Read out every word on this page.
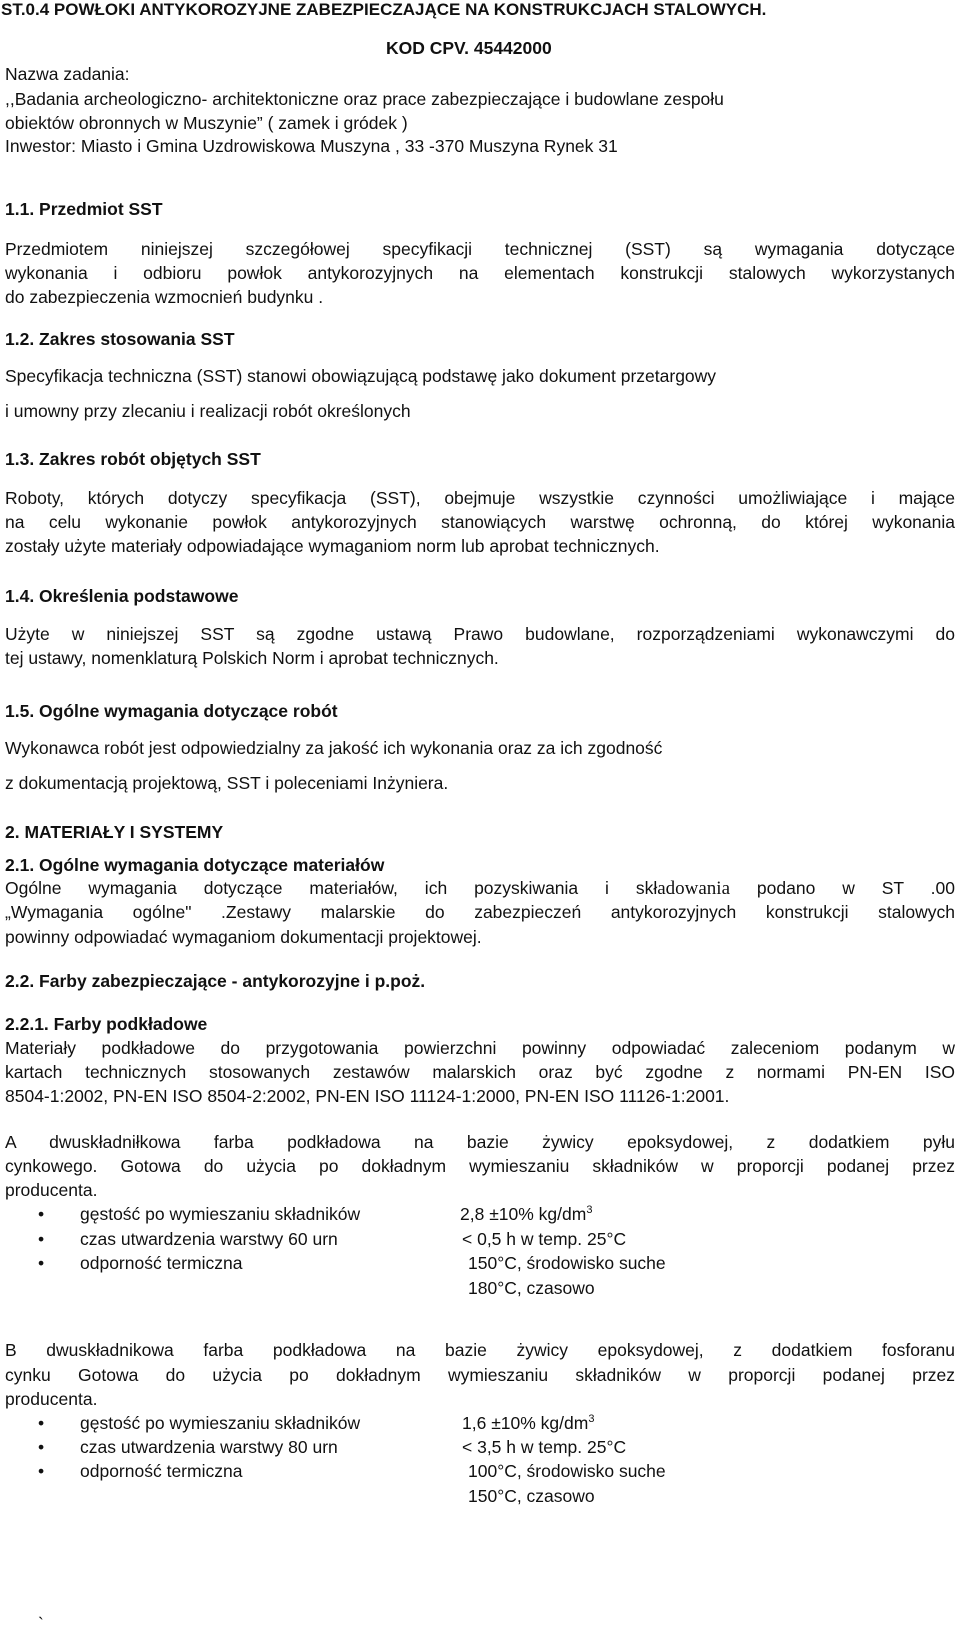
ST.0.4 POWŁOKI ANTYKOROZYJNE ZABEZPIECZAJĄCE NA KONSTRUKCJACH STALOWYCH.

KOD CPV. 45442000

Nazwa zadania:

,,Badania archeologiczno- architektoniczne oraz prace zabezpieczające i budowlane zespołu

obiektów obronnych w Muszynie” ( zamek i gródek )

Inwestor: Miasto i Gmina Uzdrowiskowa Muszyna , 33 -370 Muszyna Rynek 31

1.1. Przedmiot SST

Przedmiotem niniejszej szczegółowej specyfikacji technicznej (SST) są wymagania dotyczące

wykonania i odbioru powłok antykorozyjnych na elementach konstrukcji stalowych wykorzystanych

do zabezpieczenia wzmocnień budynku .

1.2. Zakres stosowania SST

Specyfikacja techniczna (SST) stanowi obowiązującą podstawę jako dokument przetargowy

i umowny przy zlecaniu i realizacji robót określonych

1.3. Zakres robót objętych SST

Roboty, których dotyczy specyfikacja (SST), obejmuje wszystkie czynności umożliwiające i mające

na celu wykonanie powłok antykorozyjnych stanowiących warstwę ochronną, do której wykonania

zostały użyte materiały odpowiadające wymaganiom norm lub aprobat technicznych.

1.4. Określenia podstawowe

Użyte w niniejszej SST są zgodne ustawą Prawo budowlane, rozporządzeniami wykonawczymi do

tej ustawy, nomenklaturą Polskich Norm i aprobat technicznych.

1.5. Ogólne wymagania dotyczące robót

Wykonawca robót jest odpowiedzialny za jakość ich wykonania oraz za ich zgodność

z dokumentacją projektową, SST i poleceniami Inżyniera.

2. MATERIAŁY I SYSTEMY

2.1. Ogólne wymagania dotyczące materiałów

Ogólne wymagania dotyczące materiałów, ich pozyskiwania i składowania podano w ST .00

„Wymagania ogólne" .Zestawy malarskie do zabezpieczeń antykorozyjnych konstrukcji stalowych

powinny odpowiadać wymaganiom dokumentacji projektowej.

2.2. Farby zabezpieczające - antykorozyjne i p.poż.

2.2.1. Farby podkładowe

Materiały podkładowe do przygotowania powierzchni powinny odpowiadać zaleceniom podanym w

kartach technicznych stosowanych zestawów malarskich oraz być zgodne z normami PN-EN ISO

8504-1:2002, PN-EN ISO 8504-2:2002, PN-EN ISO 11124-1:2000, PN-EN ISO 11126-1:2001.

A dwuskładniłkowa farba podkładowa na bazie żywicy epoksydowej, z dodatkiem pyłu

cynkowego. Gotowa do użycia po dokładnym wymieszaniu składników w proporcji podanej przez

producenta.

• gęstość po wymieszaniu składników	2,8 ±10% $kg/dm^3$
• czas utwardzenia warstwy 60 urn	< 0,5 h w temp. 25°C
• odporność termiczna	150°C, środowisko suche
180°C, czasowo

B dwuskładnikowa farba podkładowa na bazie żywicy epoksydowej, z dodatkiem fosforanu

cynku Gotowa do użycia po dokładnym wymieszaniu składników w proporcji podanej przez

producenta.

• gęstość po wymieszaniu składników	1,6 ±10% $kg/dm^3$
• czas utwardzenia warstwy 80 urn	< 3,5 h w temp. 25°C
• odporność termiczna	100°C, środowisko suche
150°C, czasowo
`
